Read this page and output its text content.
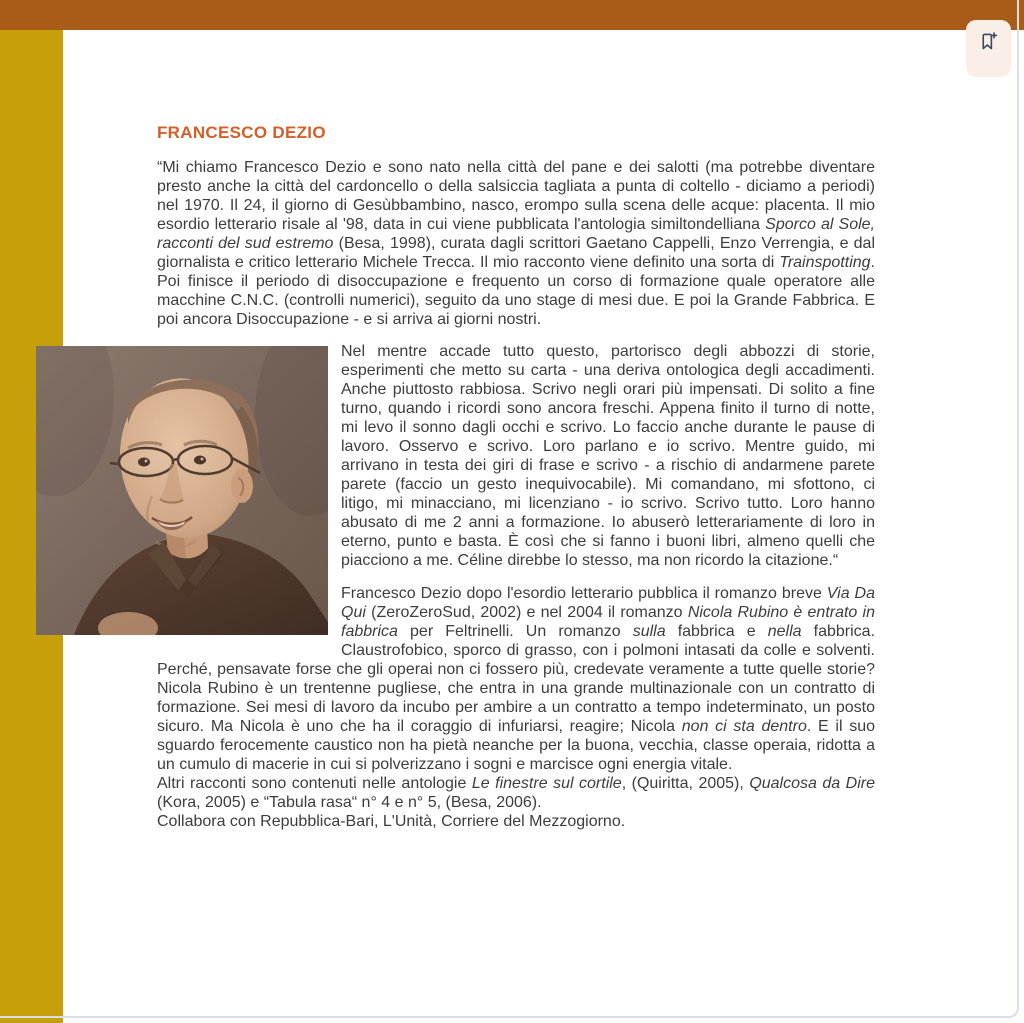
FRANCESCO DEZIO

“Mi chiamo Francesco Dezio e sono nato nella città del pane e dei salotti (ma potrebbe diventare presto anche la città del cardoncello o della salsiccia tagliata a punta di coltello - diciamo a periodi) nel 1970. Il 24, il giorno di Gesùbbambino, nasco, erompo sulla scena delle acque: placenta. Il mio esordio letterario risale al '98, data in cui viene pubblicata l'antologia similtondelliana Sporco al Sole, racconti del sud estremo (Besa, 1998), curata dagli scrittori Gaetano Cappelli, Enzo Verrengia, e dal giornalista e critico letterario Michele Trecca. Il mio racconto viene definito una sorta di Trainspotting. Poi finisce il periodo di disoccupazione e frequento un corso di formazione quale operatore alle macchine C.N.C. (controlli numerici), seguito da uno stage di mesi due. E poi la Grande Fabbrica. E poi ancora Disoccupazione - e si arriva ai giorni nostri.

Nel mentre accade tutto questo, partorisco degli abbozzi di storie, esperimenti che metto su carta - una deriva ontologica degli accadimenti. Anche piuttosto rabbiosa. Scrivo negli orari più impensati. Di solito a fine turno, quando i ricordi sono ancora freschi. Appena finito il turno di notte, mi levo il sonno dagli occhi e scrivo. Lo faccio anche durante le pause di lavoro. Osservo e scrivo. Loro parlano e io scrivo. Mentre guido, mi arrivano in testa dei giri di frase e scrivo - a rischio di andarmene parete parete (faccio un gesto inequivocabile). Mi comandano, mi sfottono, ci litigo, mi minacciano, mi licenziano - io scrivo. Scrivo tutto. Loro hanno abusato di me 2 anni a formazione. Io abuserò letterariamente di loro in eterno, punto e basta. È così che si fanno i buoni libri, almeno quelli che piacciono a me. Céline direbbe lo stesso, ma non ricordo la citazione.“

Francesco Dezio dopo l'esordio letterario pubblica il romanzo breve Via Da Qui (ZeroZeroSud, 2002) e nel 2004 il romanzo Nicola Rubino è entrato in fabbrica per Feltrinelli. Un romanzo sulla fabbrica e nella fabbrica. Claustrofobico, sporco di grasso, con i polmoni intasati da colle e solventi. Perché, pensavate forse che gli operai non ci fossero più, credevate veramente a tutte quelle storie? Nicola Rubino è un trentenne pugliese, che entra in una grande multinazionale con un contratto di formazione. Sei mesi di lavoro da incubo per ambire a un contratto a tempo indeterminato, un posto sicuro. Ma Nicola è uno che ha il coraggio di infuriarsi, reagire; Nicola non ci sta dentro. E il suo sguardo ferocemente caustico non ha pietà neanche per la buona, vecchia, classe operaia, ridotta a un cumulo di macerie in cui si polverizzano i sogni e marcisce ogni energia vitale.

Altri racconti sono contenuti nelle antologie Le finestre sul cortile, (Quiritta, 2005), Qualcosa da Dire (Kora, 2005) e “Tabula rasa“ n° 4 e n° 5, (Besa, 2006).

Collabora con Repubblica-Bari, L'Unità, Corriere del Mezzogiorno.
